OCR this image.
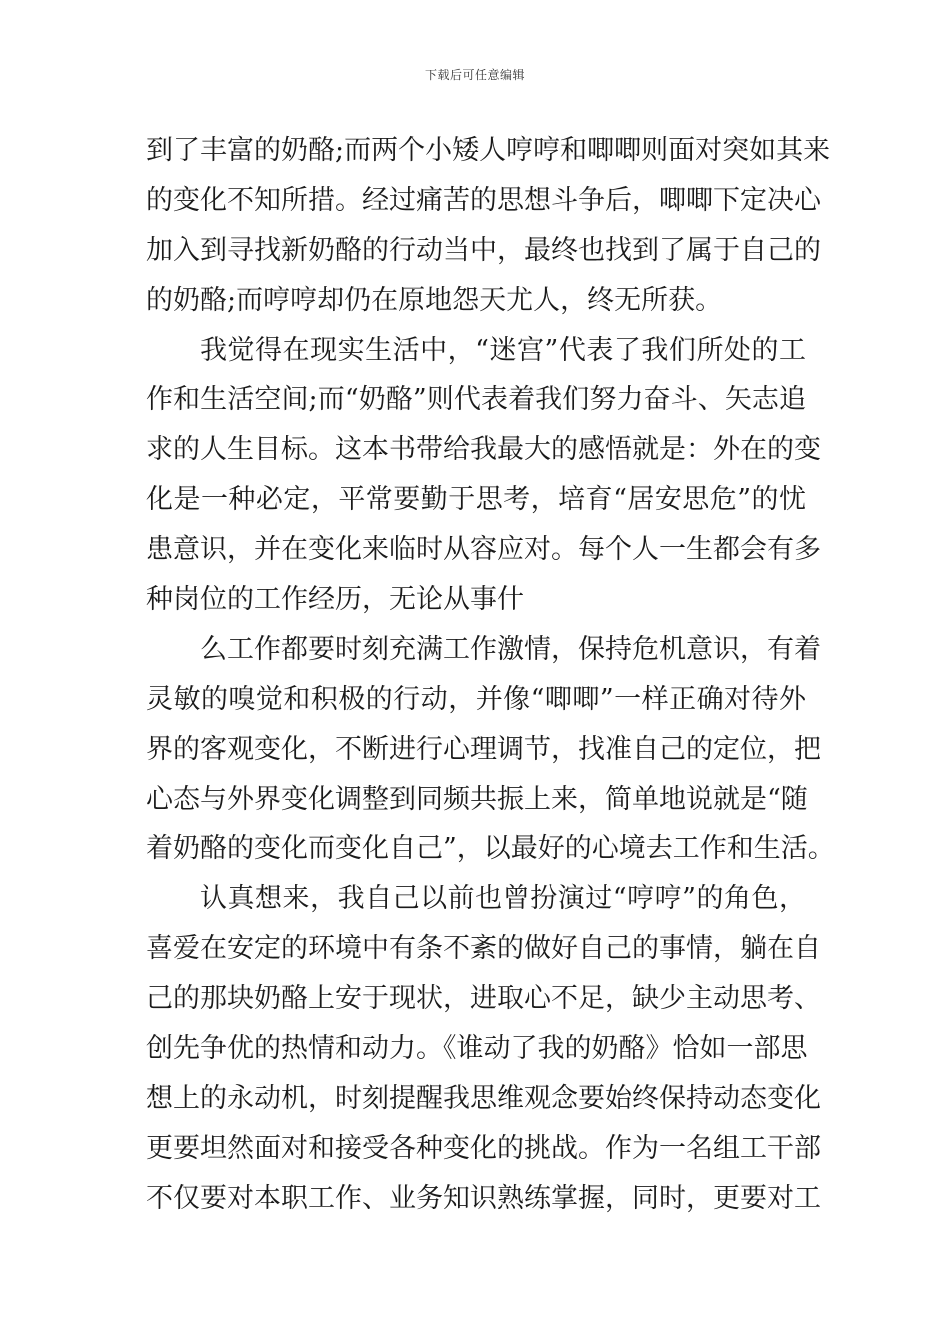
下载后可任意编辑
到了丰富的奶酪;而两个小矮人哼哼和唧唧则面对突如其来
的变化不知所措。经过痛苦的思想斗争后，唧唧下定决心
加入到寻找新奶酪的行动当中，最终也找到了属于自己的
的奶酪;而哼哼却仍在原地怨天尤人，终无所获。
我觉得在现实生活中，“迷宫”代表了我们所处的工
作和生活空间;而“奶酪”则代表着我们努力奋斗、矢志追
求的人生目标。这本书带给我最大的感悟就是：外在的变
化是一种必定，平常要勤于思考，培育“居安思危”的忧
患意识，并在变化来临时从容应对。每个人一生都会有多
种岗位的工作经历，无论从事什
么工作都要时刻充满工作激情，保持危机意识，有着
灵敏的嗅觉和积极的行动，并像“唧唧”一样正确对待外
界的客观变化，不断进行心理调节，找准自己的定位，把
心态与外界变化调整到同频共振上来，简单地说就是“随
着奶酪的变化而变化自己”，以最好的心境去工作和生活。
认真想来，我自己以前也曾扮演过“哼哼”的角色，
喜爱在安定的环境中有条不紊的做好自己的事情，躺在自
己的那块奶酪上安于现状，进取心不足，缺少主动思考、
创先争优的热情和动力。《谁动了我的奶酪》恰如一部思
想上的永动机，时刻提醒我思维观念要始终保持动态变化
更要坦然面对和接受各种变化的挑战。作为一名组工干部
不仅要对本职工作、业务知识熟练掌握，同时，更要对工
